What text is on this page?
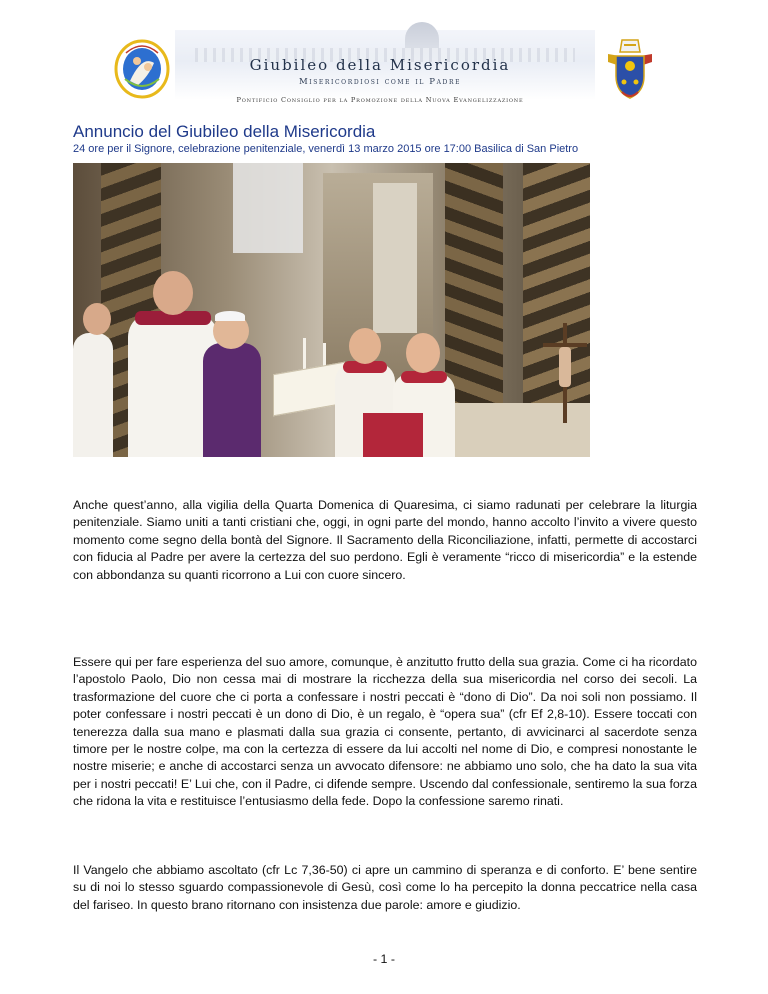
Giubileo della Misericordia
Misericordiosi come il Padre
Pontificio Consiglio per la Promozione della Nuova Evangelizzazione
Annuncio del Giubileo della Misericordia
24 ore per il Signore, celebrazione penitenziale, venerdì 13 marzo 2015 ore 17:00 Basilica di San Pietro

Anche quest’anno, alla vigilia della Quarta Domenica di Quaresima, ci siamo radunati per celebrare la liturgia penitenziale. Siamo uniti a tanti cristiani che, oggi, in ogni parte del mondo, hanno accolto l’invito a vivere questo momento come segno della bontà del Signore. Il Sacramento della Riconciliazione, infatti, permette di accostarci con fiducia al Padre per avere la certezza del suo perdono. Egli è veramente “ricco di misericordia” e la estende con abbondanza su quanti ricorrono a Lui con cuore sincero.

Essere qui per fare esperienza del suo amore, comunque, è anzitutto frutto della sua grazia. Come ci ha ricordato l’apostolo Paolo, Dio non cessa mai di mostrare la ricchezza della sua misericordia nel corso dei secoli. La trasformazione del cuore che ci porta a confessare i nostri peccati è “dono di Dio”. Da noi soli non possiamo. Il poter confessare i nostri peccati è un dono di Dio, è un regalo, è “opera sua” (cfr Ef 2,8-10). Essere toccati con tenerezza dalla sua mano e plasmati dalla sua grazia ci consente, pertanto, di avvicinarci al sacerdote senza timore per le nostre colpe, ma con la certezza di essere da lui accolti nel nome di Dio, e compresi nonostante le nostre miserie; e anche di accostarci senza un avvocato difensore: ne abbiamo uno solo, che ha dato la sua vita per i nostri peccati! E’ Lui che, con il Padre, ci difende sempre. Uscendo dal confessionale, sentiremo la sua forza che ridona la vita e restituisce l’entusiasmo della fede. Dopo la confessione saremo rinati.

Il Vangelo che abbiamo ascoltato (cfr Lc 7,36-50) ci apre un cammino di speranza e di conforto. E’ bene sentire su di noi lo stesso sguardo compassionevole di Gesù, così come lo ha percepito la donna peccatrice nella casa del fariseo. In questo brano ritornano con insistenza due parole: amore e giudizio.

- 1 -
